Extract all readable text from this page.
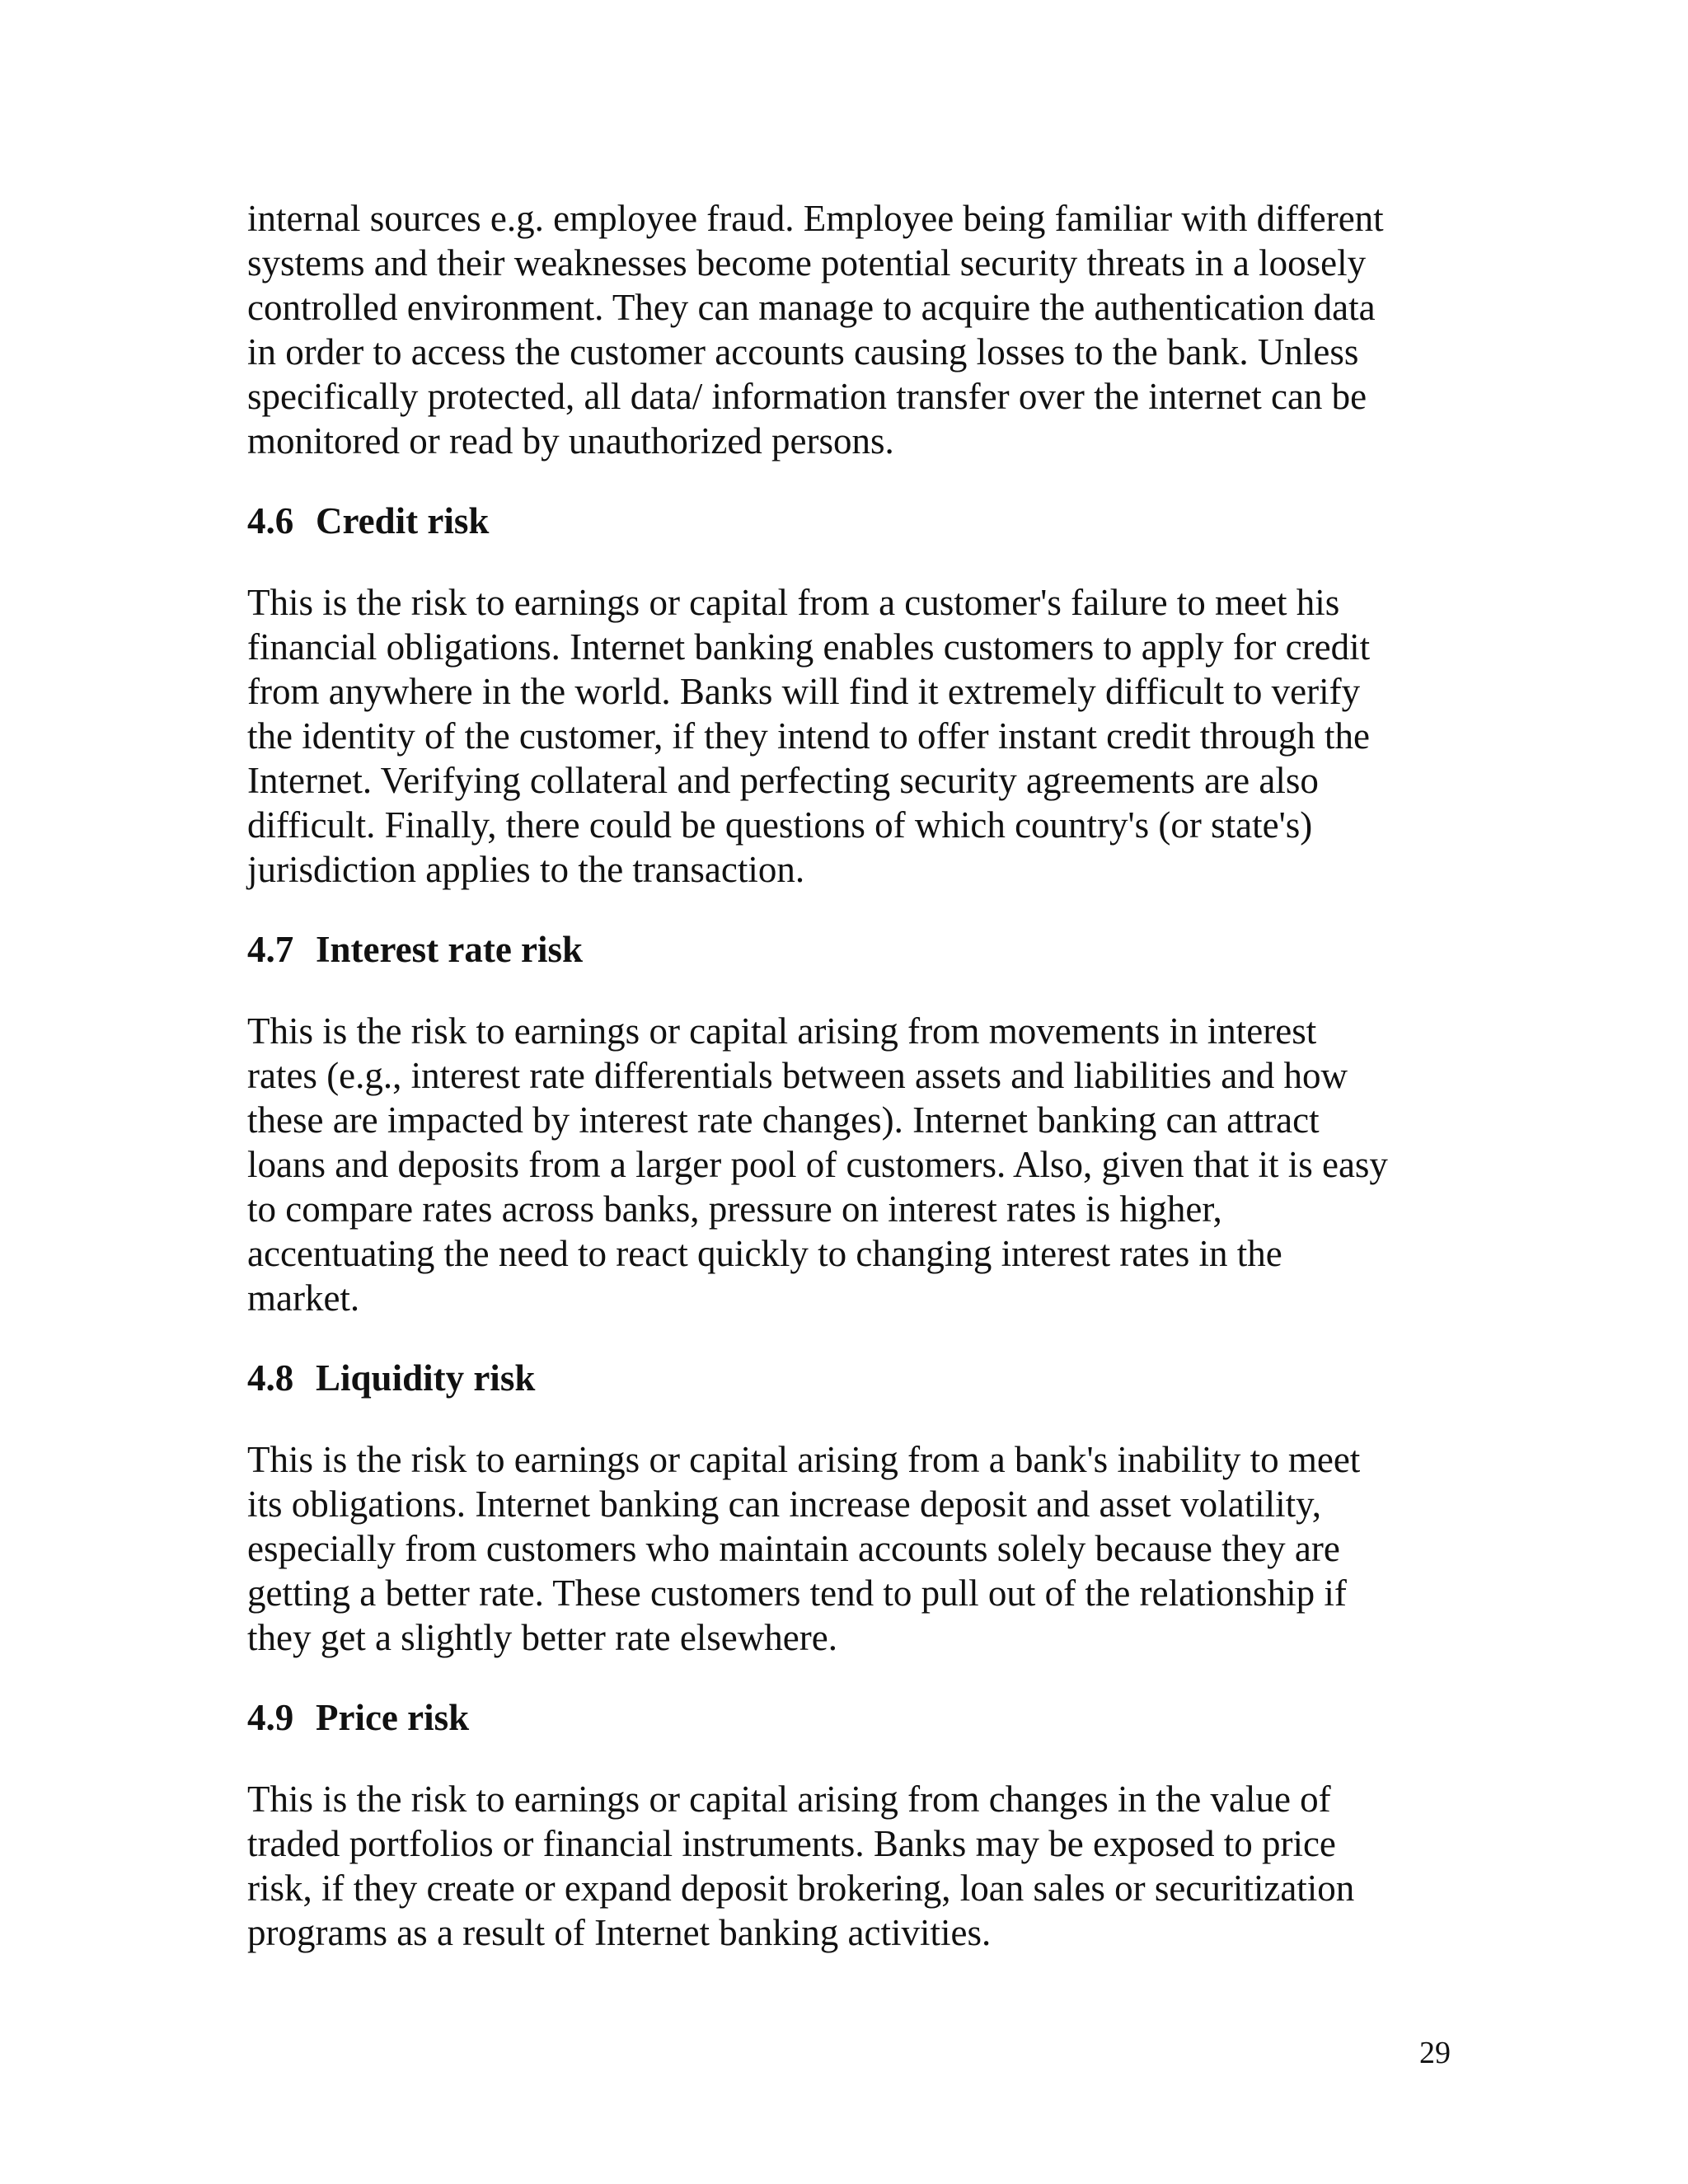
internal sources e.g. employee fraud. Employee being familiar with different
systems and their weaknesses become potential security threats in a loosely
controlled environment. They can manage to acquire the authentication data
in order to access the customer accounts causing losses to the bank. Unless
specifically protected, all data/ information transfer over the internet can be
monitored or read by unauthorized persons.

4.6 Credit risk

This is the risk to earnings or capital from a customer's failure to meet his
financial obligations. Internet banking enables customers to apply for credit
from anywhere in the world. Banks will find it extremely difficult to verify
the identity of the customer, if they intend to offer instant credit through the
Internet. Verifying collateral and perfecting security agreements are also
difficult. Finally, there could be questions of which country's (or state's)
jurisdiction applies to the transaction.

4.7 Interest rate risk

This is the risk to earnings or capital arising from movements in interest
rates (e.g., interest rate differentials between assets and liabilities and how
these are impacted by interest rate changes). Internet banking can attract
loans and deposits from a larger pool of customers. Also, given that it is easy
to compare rates across banks, pressure on interest rates is higher,
accentuating the need to react quickly to changing interest rates in the
market.

4.8 Liquidity risk

This is the risk to earnings or capital arising from a bank's inability to meet
its obligations. Internet banking can increase deposit and asset volatility,
especially from customers who maintain accounts solely because they are
getting a better rate. These customers tend to pull out of the relationship if
they get a slightly better rate elsewhere.

4.9 Price risk

This is the risk to earnings or capital arising from changes in the value of
traded portfolios or financial instruments. Banks may be exposed to price
risk, if they create or expand deposit brokering, loan sales or securitization
programs as a result of Internet banking activities.

29
